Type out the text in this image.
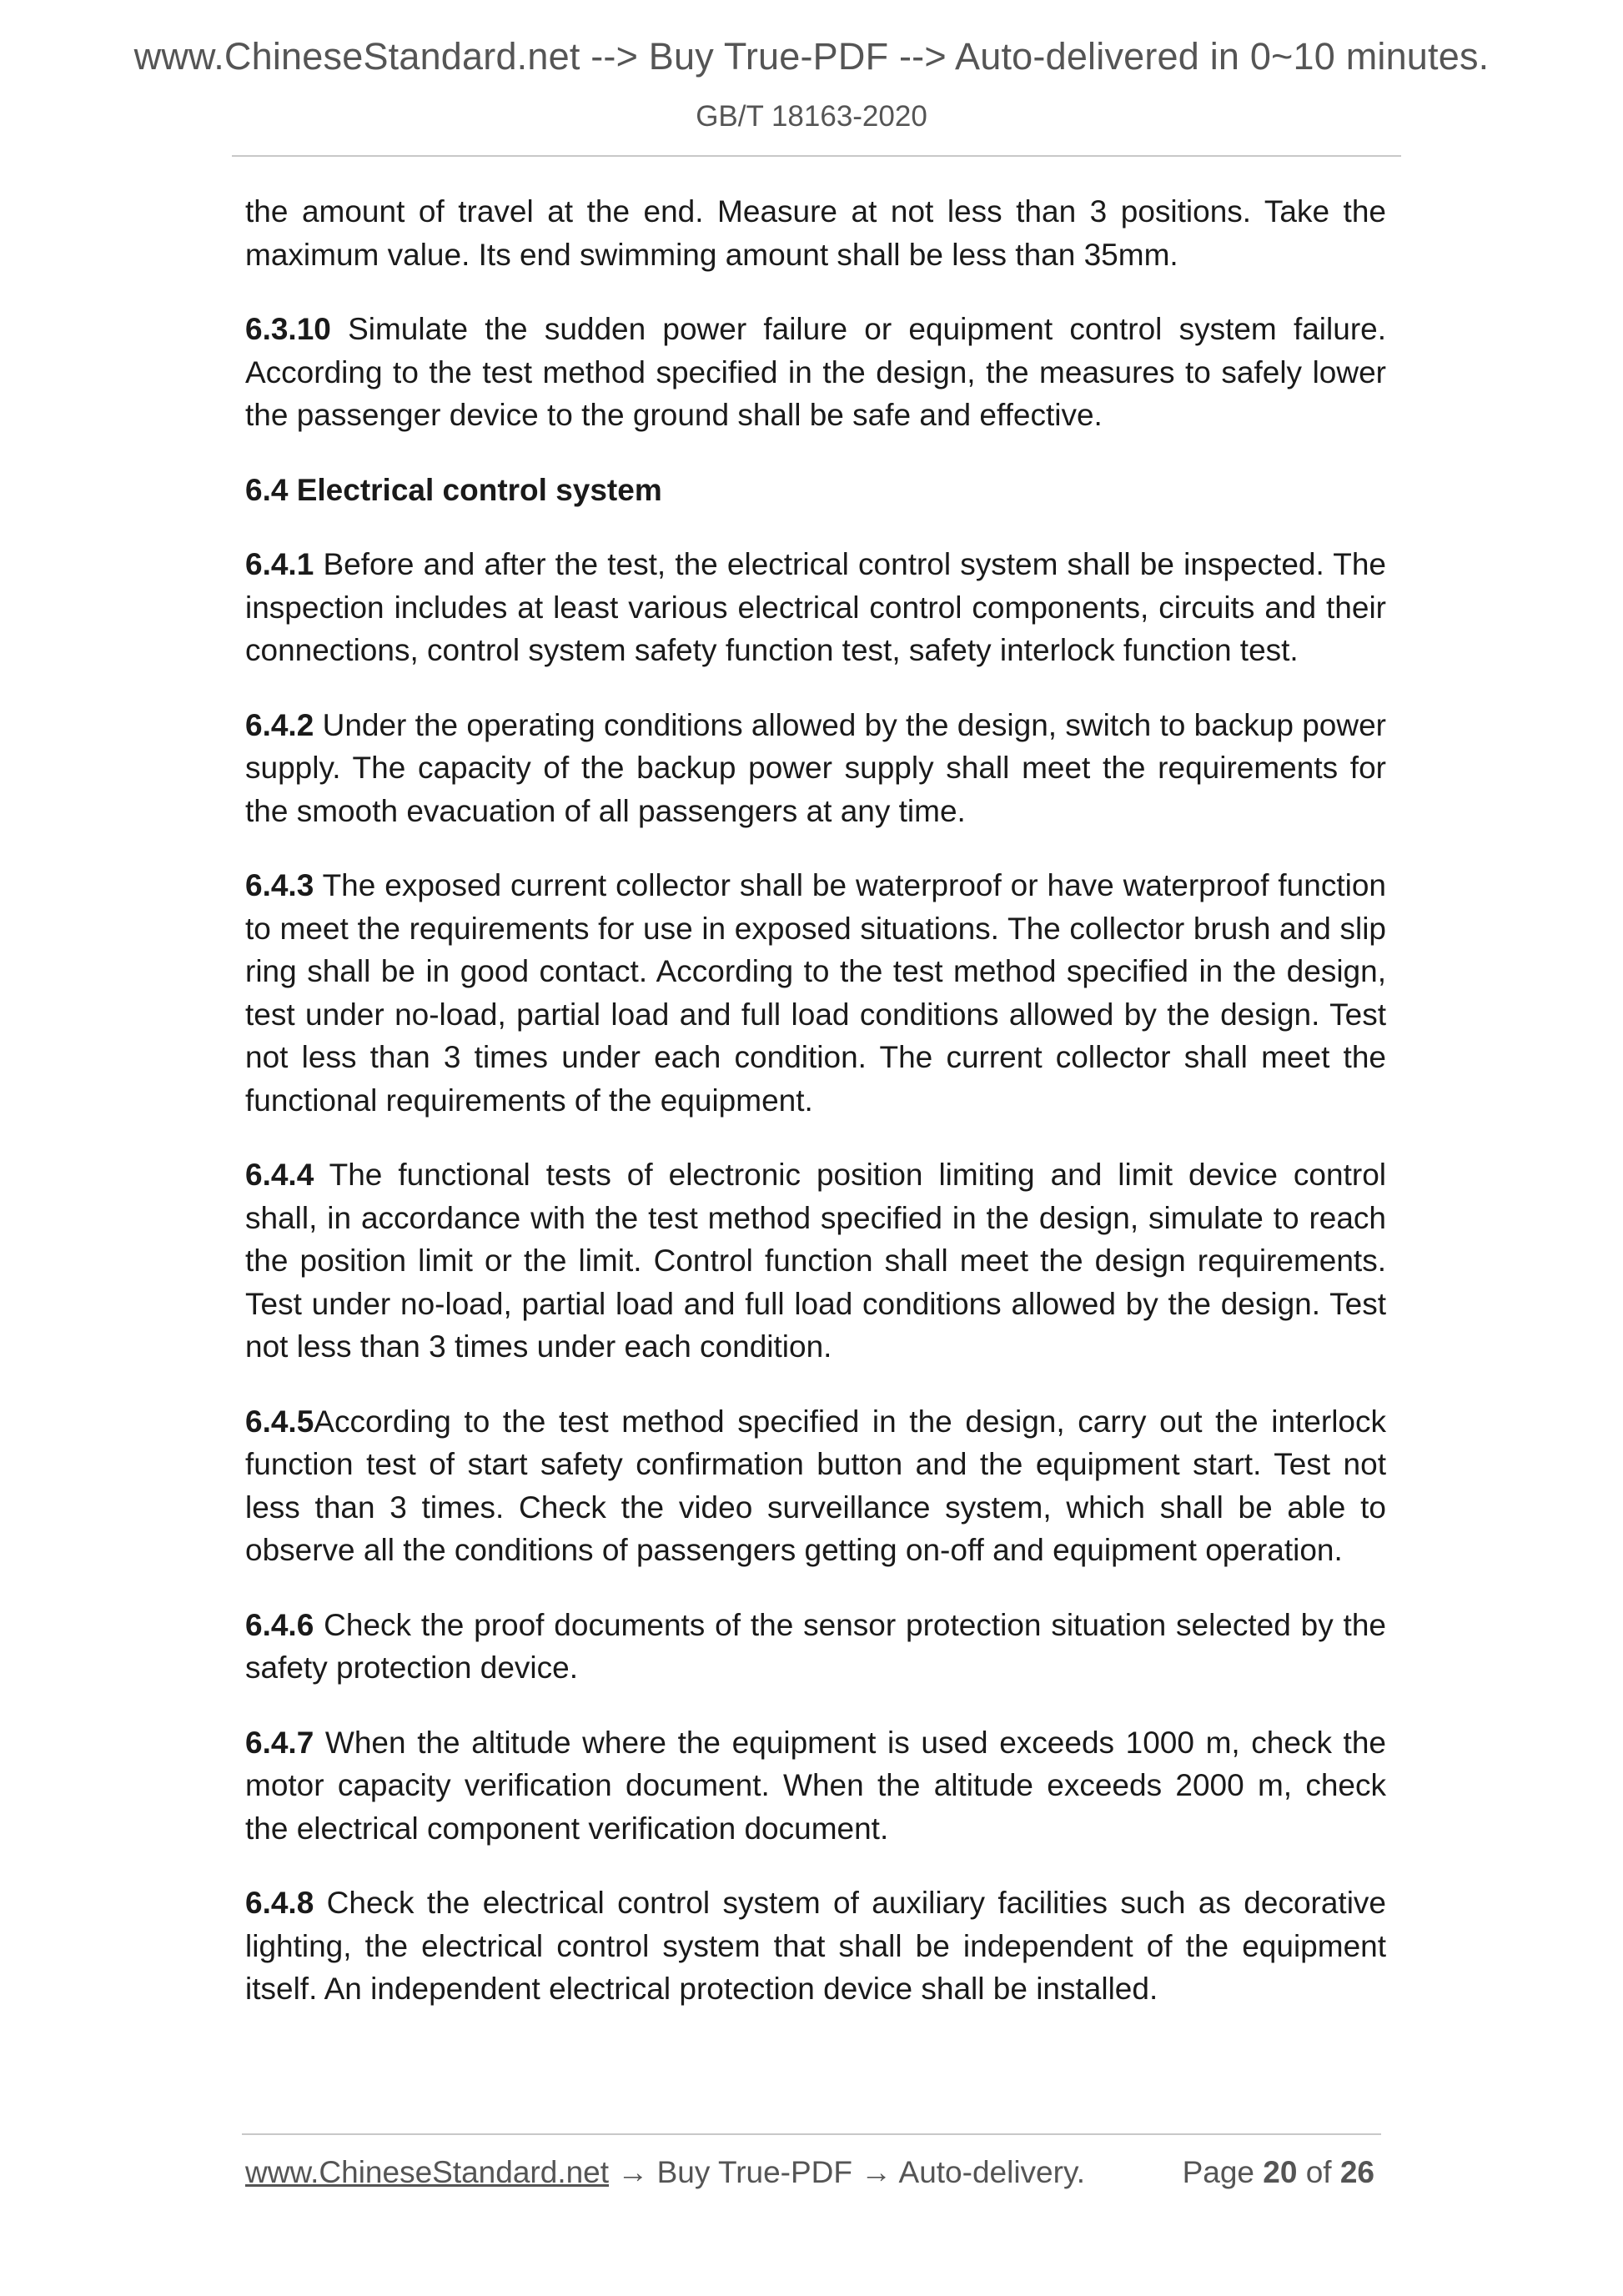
www.ChineseStandard.net --> Buy True-PDF --> Auto-delivered in 0~10 minutes.
GB/T 18163-2020

the amount of travel at the end. Measure at not less than 3 positions. Take the maximum value. Its end swimming amount shall be less than 35mm.

6.3.10 Simulate the sudden power failure or equipment control system failure. According to the test method specified in the design, the measures to safely lower the passenger device to the ground shall be safe and effective.

6.4 Electrical control system

6.4.1 Before and after the test, the electrical control system shall be inspected. The inspection includes at least various electrical control components, circuits and their connections, control system safety function test, safety interlock function test.

6.4.2 Under the operating conditions allowed by the design, switch to backup power supply. The capacity of the backup power supply shall meet the requirements for the smooth evacuation of all passengers at any time.

6.4.3 The exposed current collector shall be waterproof or have waterproof function to meet the requirements for use in exposed situations. The collector brush and slip ring shall be in good contact. According to the test method specified in the design, test under no-load, partial load and full load conditions allowed by the design. Test not less than 3 times under each condition. The current collector shall meet the functional requirements of the equipment.

6.4.4 The functional tests of electronic position limiting and limit device control shall, in accordance with the test method specified in the design, simulate to reach the position limit or the limit. Control function shall meet the design requirements. Test under no-load, partial load and full load conditions allowed by the design. Test not less than 3 times under each condition.

6.4.5According to the test method specified in the design, carry out the interlock function test of start safety confirmation button and the equipment start. Test not less than 3 times. Check the video surveillance system, which shall be able to observe all the conditions of passengers getting on-off and equipment operation.

6.4.6 Check the proof documents of the sensor protection situation selected by the safety protection device.

6.4.7 When the altitude where the equipment is used exceeds 1000 m, check the motor capacity verification document. When the altitude exceeds 2000 m, check the electrical component verification document.

6.4.8 Check the electrical control system of auxiliary facilities such as decorative lighting, the electrical control system that shall be independent of the equipment itself. An independent electrical protection device shall be installed.

www.ChineseStandard.net → Buy True-PDF → Auto-delivery.	Page 20 of 26
